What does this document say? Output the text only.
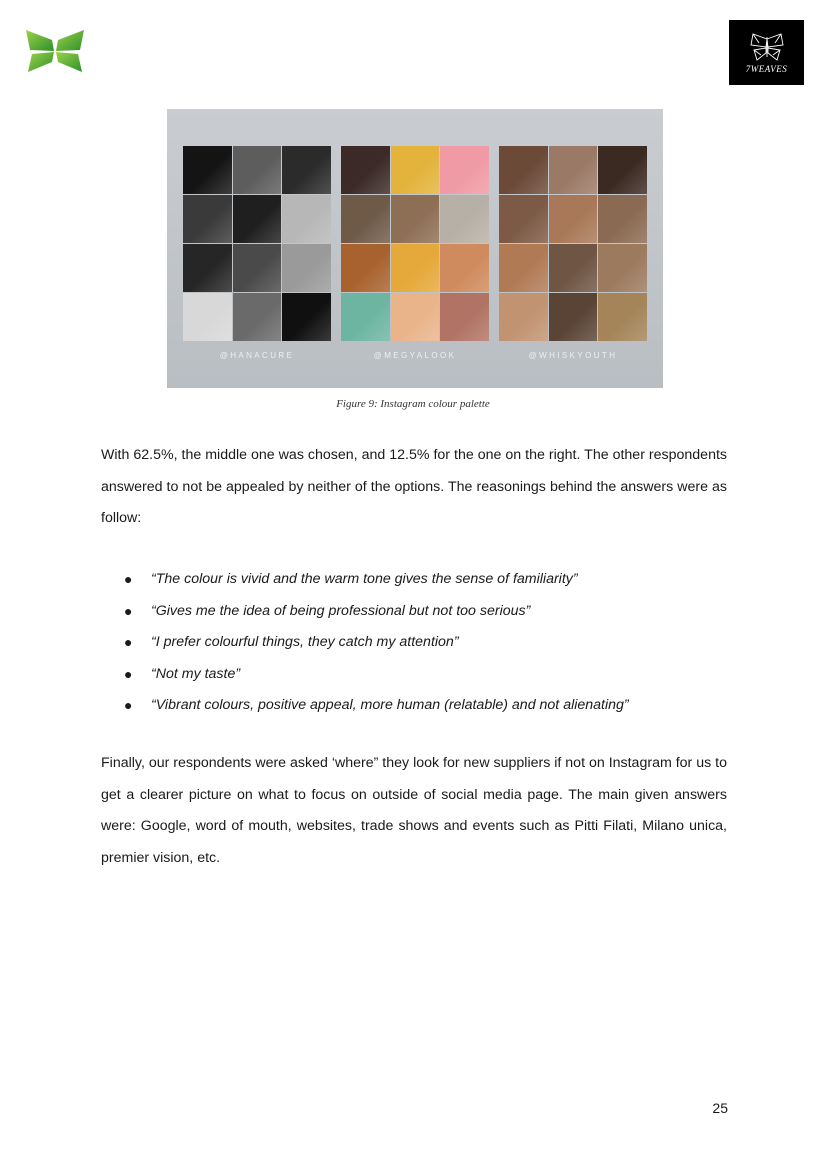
7WEAVES
@HANACURE	@MEGYALOOK	@WHISKYOUTH
Figure 9: Instagram colour palette

With 62.5%, the middle one was chosen, and 12.5% for the one on the right. The other respondents answered to not be appealed by neither of the options. The reasonings behind the answers were as follow:

● “The colour is vivid and the warm tone gives the sense of familiarity”
● “Gives me the idea of being professional but not too serious”
● “I prefer colourful things, they catch my attention”
● “Not my taste”
● “Vibrant colours, positive appeal, more human (relatable) and not alienating”

Finally, our respondents were asked ‘where” they look for new suppliers if not on Instagram for us to get a clearer picture on what to focus on outside of social media page. The main given answers were: Google, word of mouth, websites, trade shows and events such as Pitti Filati, Milano unica, premier vision, etc.

25
